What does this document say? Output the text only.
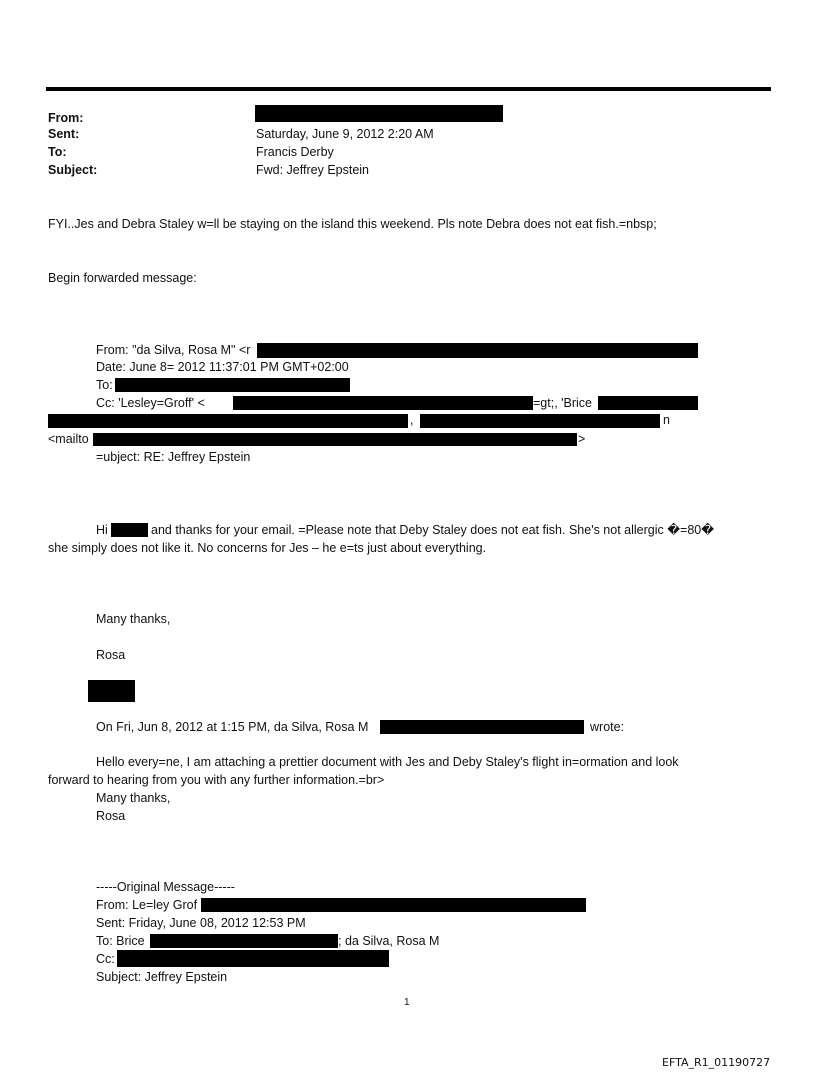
From:
Sent:	Saturday, June 9, 2012 2:20 AM
To:	Francis Derby
Subject:	Fwd: Jeffrey Epstein
FYI..Jes and Debra Staley w=ll be staying on the island this weekend. Pls note Debra does not eat fish.=nbsp;
Begin forwarded message:
From: "da Silva, Rosa M" <r
Date: June 8= 2012 11:37:01 PM GMT+02:00
To:
Cc: 'Lesley=Groff' <	=gt;, 'Brice
,	n
<mailto	>
=ubject: RE: Jeffrey Epstein
Hi	and thanks for your email. =Please note that Deby Staley does not eat fish. She's not allergic �=80�
she simply does not like it. No concerns for Jes – he e=ts just about everything.
Many thanks,
Rosa
On Fri, Jun 8, 2012 at 1:15 PM, da Silva, Rosa M	wrote:
Hello every=ne, I am attaching a prettier document with Jes and Deby Staley's flight in=ormation and look
forward to hearing from you with any further information.=br>
Many thanks,
Rosa
-----Original Message-----
From: Le=ley Grof
Sent: Friday, June 08, 2012 12:53 PM
To: Brice	; da Silva, Rosa M
Cc:
Subject: Jeffrey Epstein
1
EFTA_R1_01190727
